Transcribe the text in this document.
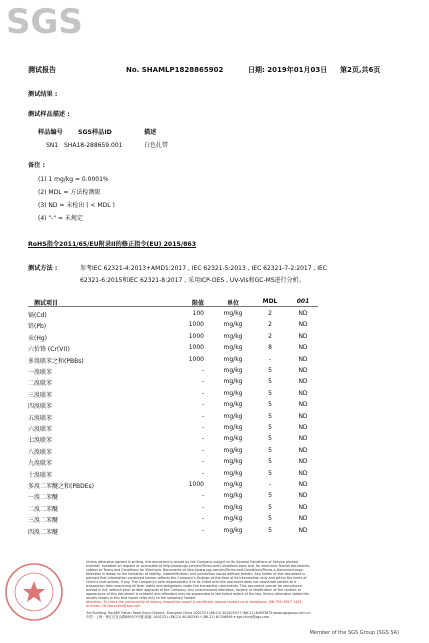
SGS
测试报告	No. SHAMLP1828865902	日期: 2019年01月03日 第2页,共6页
测试结果 :
测试样品描述 :
样品编号 SGS样品ID	描述
SN1 SHA18-288659.001	白色扎带
备注 :
(1) 1 mg/kg = 0.0001%
(2) MDL = 方法检测限
(3) ND = 未检出 ( < MDL )
(4) "-" = 未规定
RoHS指令2011/65/EU附录II的修正指令(EU) 2015/863
测试方法 :	参考IEC 62321-4:2013+AMD1:2017 , IEC 62321-5:2013 , IEC 62321-7-2:2017 , IEC
62321-6:2015和IEC 62321-8:2017 , 采用ICP-OES , UV-Vis和GC-MS进行分析。
测试项目	限值	单位	MDL	001
镉(Cd)	100	mg/kg	2	ND
铅(Pb)	1000	mg/kg	2	ND
汞(Hg)	1000	mg/kg	2	ND
六价铬 (Cr(VI))	1000	mg/kg	8	ND
多溴联苯之和(PBBs)	1000	mg/kg	-	ND
一溴联苯	-	mg/kg	5	ND
二溴联苯	-	mg/kg	5	ND
三溴联苯	-	mg/kg	5	ND
四溴联苯	-	mg/kg	5	ND
五溴联苯	-	mg/kg	5	ND
六溴联苯	-	mg/kg	5	ND
七溴联苯	-	mg/kg	5	ND
八溴联苯	-	mg/kg	5	ND
九溴联苯	-	mg/kg	5	ND
十溴联苯	-	mg/kg	5	ND
多溴二苯醚之和(PBDEs)	1000	mg/kg	-	ND
一溴二苯醚	-	mg/kg	5	ND
二溴二苯醚	-	mg/kg	5	ND
三溴二苯醚	-	mg/kg	5	ND
四溴二苯醚	-	mg/kg	5	ND
Unless otherwise agreed in writing, this document is issued by the Company subject to its General Conditions of Service printed
overleaf, available on request or accessible at http://www.sgs.com/en/Terms-and-Conditions.aspx and, for electronic format documents,
subject to Terms and Conditions for Electronic Documents at http://www.sgs.com/en/Terms-and-Conditions/Terms-e-Document.aspx.
Attention is drawn to the limitation of liability, indemnification and jurisdiction issues defined therein. Any holder of this document is
advised that information contained hereon reflects the Company's findings at the time of its intervention only and within the limits of
Client's instructions, if any. The Company's sole responsibility is to its Client and this document does not exonerate parties to a
transaction from exercising all their rights and obligations under the transaction documents. This document cannot be reproduced
except in full, without prior written approval of the Company. Any unauthorized alteration, forgery or falsification of the content or
appearance of this document is unlawful and offenders may be prosecuted to the fullest extent of the law. Unless otherwise stated the
results shown in this test report refer only to the sample(s) tested.
Attention: To check the authenticity of testing /inspection report & certificate, please contact us at telephone: (86-755) 8307 1443,
or email: CN.Doccheck@sgs.com
3rd Building, No.889 Yishan Road Xuhui District, Shanghai China 200233 t (86-21) 61402553 f (86-21) 64953679 www.sgsgroup.com.cn
中国 · 上海 · 徐汇区宜山路889号3号楼 邮编: 200233 t (86-21) 61402594 f (86-21) 61156899 e sgs.china@sgs.com
Member of the SGS Group (SGS SA)
